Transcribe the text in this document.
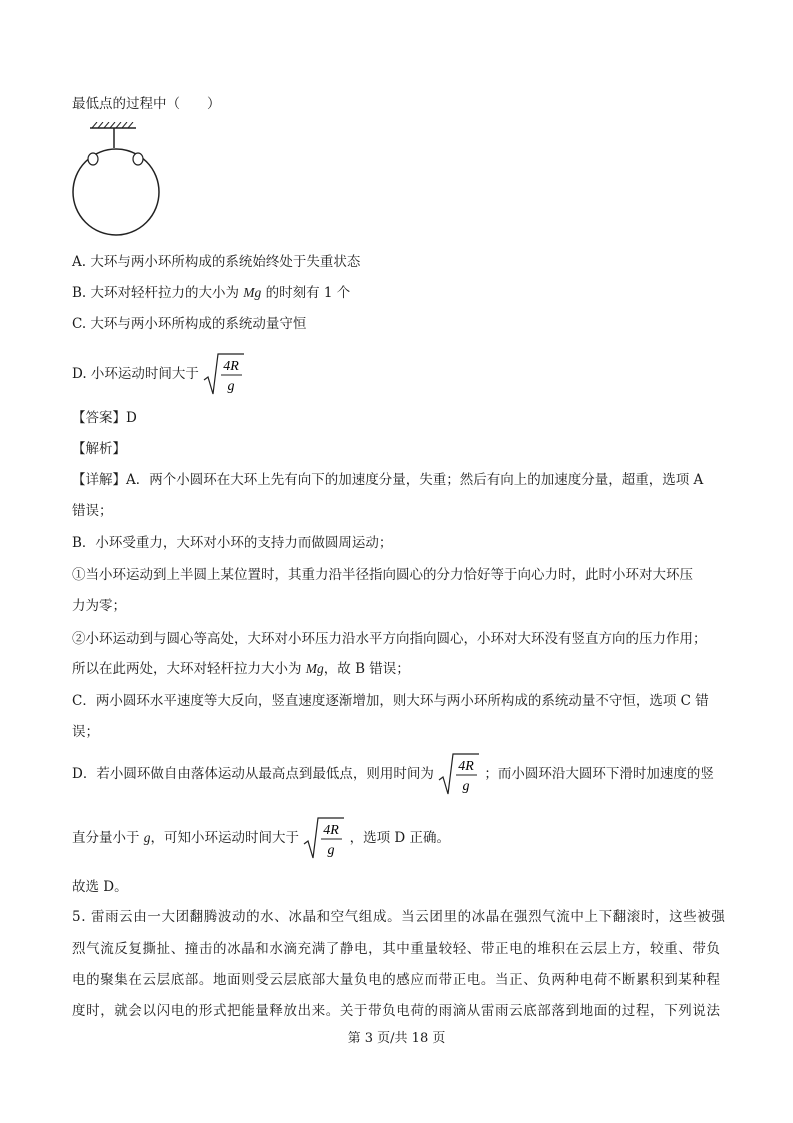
最低点的过程中（　　）
A. 大环与两小环所构成的系统始终处于失重状态
B. 大环对轻杆拉力的大小为 Mg 的时刻有 1 个
C. 大环与两小环所构成的系统动量守恒
D. 小环运动时间大于 4R
g
【答案】D
【解析】
【详解】A．两个小圆环在大环上先有向下的加速度分量，失重；然后有向上的加速度分量，超重，选项 A
错误；
B．小环受重力，大环对小环的支持力而做圆周运动；
①当小环运动到上半圆上某位置时，其重力沿半径指向圆心的分力恰好等于向心力时，此时小环对大环压
力为零；
②小环运动到与圆心等高处，大环对小环压力沿水平方向指向圆心，小环对大环没有竖直方向的压力作用；
所以在此两处，大环对轻杆拉力大小为 Mg，故 B 错误；
C．两小圆环水平速度等大反向，竖直速度逐渐增加，则大环与两小环所构成的系统动量不守恒，选项 C 错
误；
D．若小圆环做自由落体运动从最高点到最低点，则用时间为 4R
g
；而小圆环沿大圆环下滑时加速度的竖
直分量小于 g，可知小环运动时间大于 4R
g
，选项 D 正确。
故选 D。
5. 雷雨云由一大团翻腾波动的水、冰晶和空气组成。当云团里的冰晶在强烈气流中上下翻滚时，这些被强
烈气流反复撕扯、撞击的冰晶和水滴充满了静电，其中重量较轻、带正电的堆积在云层上方，较重、带负
电的聚集在云层底部。地面则受云层底部大量负电的感应而带正电。当正、负两种电荷不断累积到某种程
度时，就会以闪电的形式把能量释放出来。关于带负电荷的雨滴从雷雨云底部落到地面的过程，下列说法
第 3 页/共 18 页
